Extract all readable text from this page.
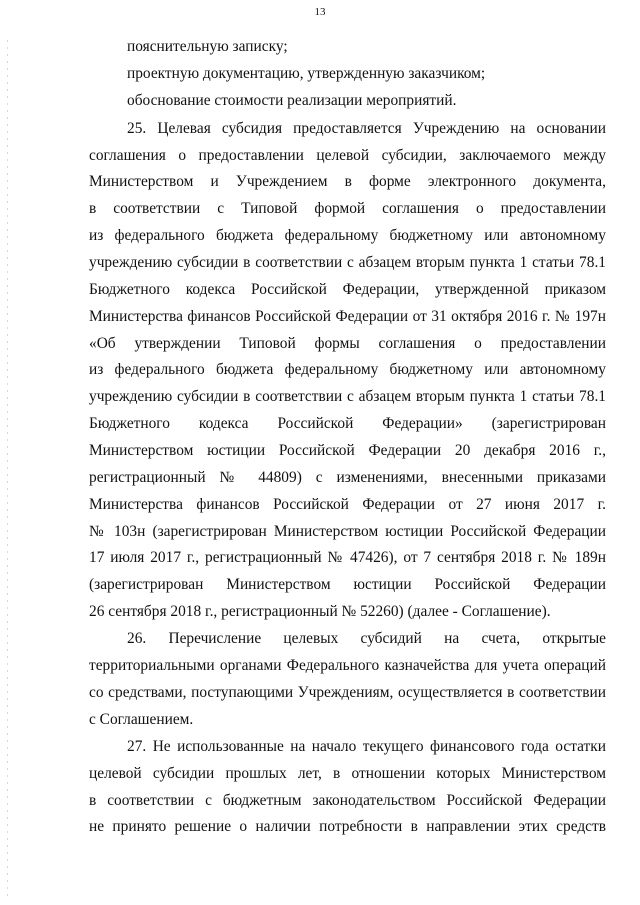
13
пояснительную записку;
проектную документацию, утвержденную заказчиком;
обоснование стоимости реализации мероприятий.
25. Целевая субсидия предоставляется Учреждению на основании
соглашения о предоставлении целевой субсидии, заключаемого между
Министерством и Учреждением в форме электронного документа,
в соответствии с Типовой формой соглашения о предоставлении
из федерального бюджета федеральному бюджетному или автономному
учреждению субсидии в соответствии с абзацем вторым пункта 1 статьи 78.1
Бюджетного кодекса Российской Федерации, утвержденной приказом
Министерства финансов Российской Федерации от 31 октября 2016 г. № 197н
«Об утверждении Типовой формы соглашения о предоставлении
из федерального бюджета федеральному бюджетному или автономному
учреждению субсидии в соответствии с абзацем вторым пункта 1 статьи 78.1
Бюджетного кодекса Российской Федерации» (зарегистрирован
Министерством юстиции Российской Федерации 20 декабря 2016 г.,
регистрационный № 44809) с изменениями, внесенными приказами
Министерства финансов Российской Федерации от 27 июня 2017 г.
№ 103н (зарегистрирован Министерством юстиции Российской Федерации
17 июля 2017 г., регистрационный № 47426), от 7 сентября 2018 г. № 189н
(зарегистрирован Министерством юстиции Российской Федерации
26 сентября 2018 г., регистрационный № 52260) (далее - Соглашение).
26. Перечисление целевых субсидий на счета, открытые
территориальными органами Федерального казначейства для учета операций
со средствами, поступающими Учреждениям, осуществляется в соответствии
с Соглашением.
27. Не использованные на начало текущего финансового года остатки
целевой субсидии прошлых лет, в отношении которых Министерством
в соответствии с бюджетным законодательством Российской Федерации
не принято решение о наличии потребности в направлении этих средств
